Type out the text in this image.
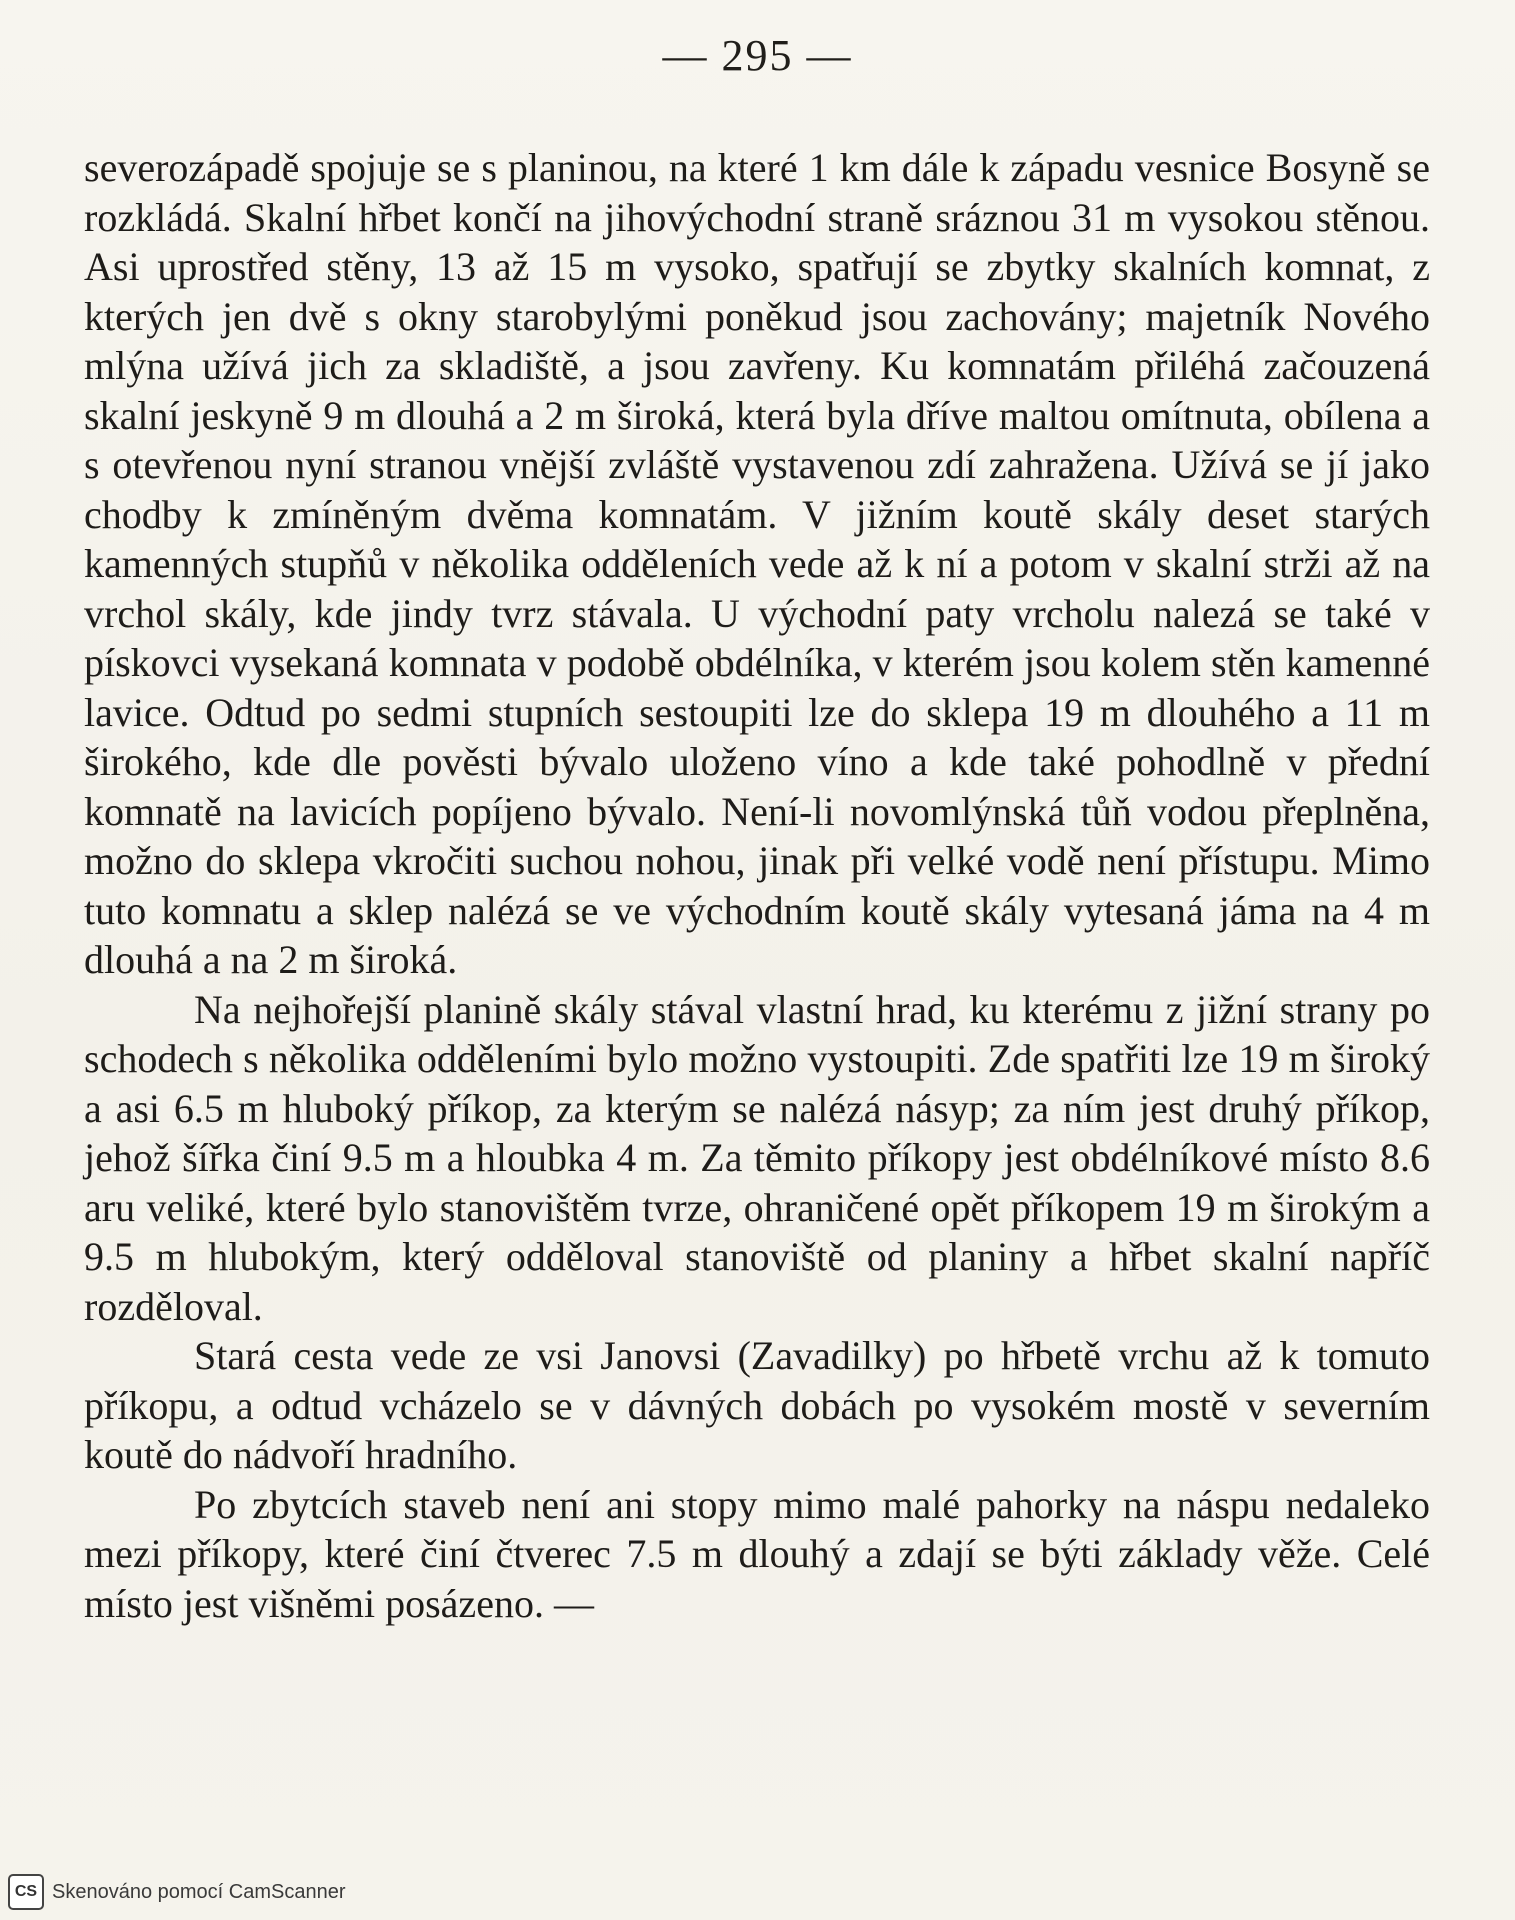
— 295 —

severozápadě spojuje se s planinou, na které 1 km dále k západu vesnice Bosyně se rozkládá. Skalní hřbet končí na jihovýchodní straně sráznou 31 m vysokou stěnou. Asi uprostřed stěny, 13 až 15 m vysoko, spatřují se zbytky skalních komnat, z kterých jen dvě s okny starobylými poněkud jsou zachovány; majetník Nového mlýna užívá jich za skladiště, a jsou zavřeny. Ku komnatám přiléhá začouzená skalní jeskyně 9 m dlouhá a 2 m široká, která byla dříve maltou omítnuta, obílena a s otevřenou nyní stranou vnější zvláště vystavenou zdí zahražena. Užívá se jí jako chodby k zmíněným dvěma komnatám. V jižním koutě skály deset starých kamenných stupňů v několika odděleních vede až k ní a potom v skalní strži až na vrchol skály, kde jindy tvrz stávala. U východní paty vrcholu nalezá se také v pískovci vysekaná komnata v podobě obdélníka, v kterém jsou kolem stěn kamenné lavice. Odtud po sedmi stupních sestoupiti lze do sklepa 19 m dlouhého a 11 m širokého, kde dle pověsti bývalo uloženo víno a kde také pohodlně v přední komnatě na lavicích popíjeno bývalo. Není-li novomlýnská tůň vodou přeplněna, možno do sklepa vkročiti suchou nohou, jinak při velké vodě není přístupu. Mimo tuto komnatu a sklep nalézá se ve východním koutě skály vytesaná jáma na 4 m dlouhá a na 2 m široká.

Na nejhořejší planině skály stával vlastní hrad, ku kterému z jižní strany po schodech s několika odděleními bylo možno vystoupiti. Zde spatřiti lze 19 m široký a asi 6.5 m hluboký příkop, za kterým se nalézá násyp; za ním jest druhý příkop, jehož šířka činí 9.5 m a hloubka 4 m. Za těmito příkopy jest obdélníkové místo 8.6 aru veliké, které bylo stanovištěm tvrze, ohraničené opět příkopem 19 m širokým a 9.5 m hlubokým, který odděloval stanoviště od planiny a hřbet skalní napříč rozděloval.

Stará cesta vede ze vsi Janovsi (Zavadilky) po hřbetě vrchu až k tomuto příkopu, a odtud vcházelo se v dávných dobách po vysokém mostě v severním koutě do nádvoří hradního.

Po zbytcích staveb není ani stopy mimo malé pahorky na náspu nedaleko mezi příkopy, které činí čtverec 7.5 m dlouhý a zdají se býti základy věže. Celé místo jest višněmi posázeno. —

CS Skenováno pomocí CamScanner
